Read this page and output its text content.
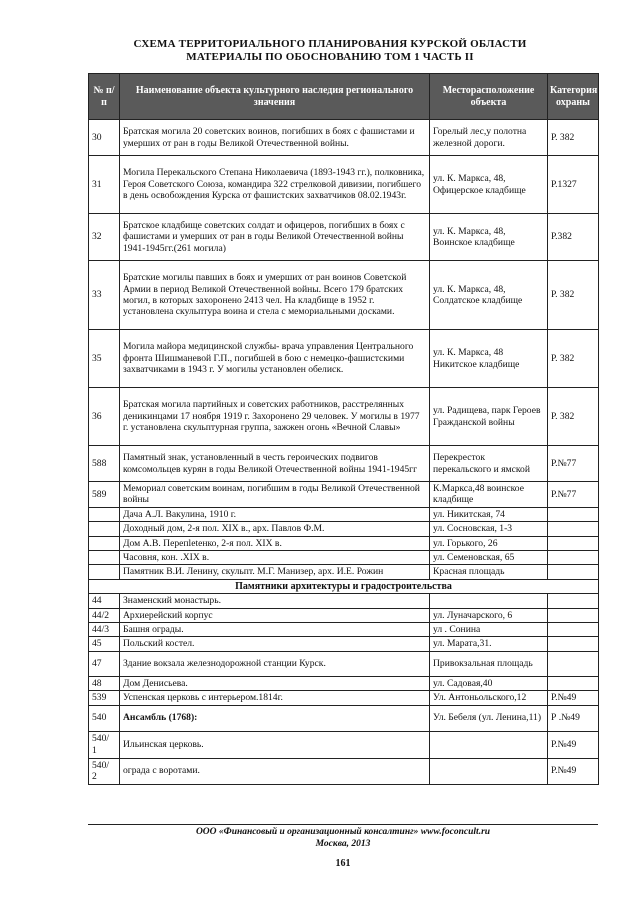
СХЕМА ТЕРРИТОРИАЛЬНОГО ПЛАНИРОВАНИЯ КУРСКОЙ ОБЛАСТИ
МАТЕРИАЛЫ ПО ОБОСНОВАНИЮ ТОМ 1 ЧАСТЬ II
№ п/п	Наименование объекта культурного наследия регионального значения	Месторасположение объекта	Категория охраны
30	Братская могила 20 советских воинов, погибших в боях с фашистами и умерших от ран в годы Великой Отечественной войны.	Горелый лес,у полотна железной дороги.	Р. 382
31	Могила Перекальского Степана Николаевича (1893-1943 гг.), полковника, Героя Советского Союза, командира 322 стрелковой дивизии, погибшего в день освобождения Курска от фашистских захватчиков 08.02.1943г.	ул. К. Маркса, 48, Офицерское кладбище	Р.1327
32	Братское кладбище советских солдат и офицеров, погибших в боях с фашистами и умерших от ран в годы Великой Отечественной войны 1941-1945гг.(261 могила)	ул. К. Маркса, 48, Воинское кладбище	Р.382
33	Братские могилы павших в боях и умерших от ран воинов Советской Армии в период Великой Отечественной войны. Всего 179 братских могил, в которых захоронено 2413 чел. На кладбище в 1952 г. установлена скульптура воина и стела с мемориальными досками.	ул. К. Маркса, 48, Солдатское кладбище	Р. 382
35	Могила майора медицинской службы- врача управления Центрального фронта Шишманевой Г.П., погибшей в бою с немецко-фашистскими захватчиками в 1943 г. У могилы установлен обелиск.	ул. К. Маркса, 48 Никитское кладбище	Р. 382
36	Братская могила партийных и советских работников, расстрелянных деникинцами 17 ноября 1919 г. Захоронено 29 человек. У могилы в 1977 г. установлена скульптурная группа, зажжен огонь «Вечной Славы»	ул. Радищева, парк Героев Гражданской войны	Р. 382
588	Памятный знак, установленный в честь героических подвигов комсомольцев курян в годы Великой Отечественной войны 1941-1945гг	Перекресток перекальского и ямской	Р.№77
589	Мемориал советским воинам, погибшим в годы Великой Отечественной войны	К.Маркса,48 воинское кладбище	Р.№77
	Дача А.Л. Вакулина, 1910 г.	ул. Никитская, 74	
	Доходный дом, 2-я пол. XIX в., арх. Павлов Ф.М.	ул. Сосновская, 1-3	
	Дом А.В. Перепletенко, 2-я пол. XIX в.	ул. Горького, 26	
	Часовня, кон. .XIX в.	ул. Семеновская, 65	
	Памятник В.И. Ленину, скульпт. М.Г. Манизер, арх. И.Е. Рожин	Красная площадь	
Памятники архитектуры и градостроительства			
44	Знаменский монастырь.		
44/2	Архиерейский корпус	ул. Луначарского, 6	
44/3	Башня ограды.	ул . Сонина	
45	Польский костел.	ул. Марата,31.	
47	Здание вокзала железнодорожной станции Курск.	Привокзальная площадь	
48	Дом Денисьева.	ул. Садовая,40	
539	Успенская церковь с интерьером.1814г.	Ул. Антоньольского,12	Р.№49
540	Ансамбль (1768):	Ул. Бебеля (ул. Ленина,11)	Р .№49
540/ 1	Ильинская церковь.		Р.№49
540/ 2	ограда с воротами.		Р.№49
ООО «Финансовый и организационный консалтинг» www.foconcult.ru
Москва, 2013
161
